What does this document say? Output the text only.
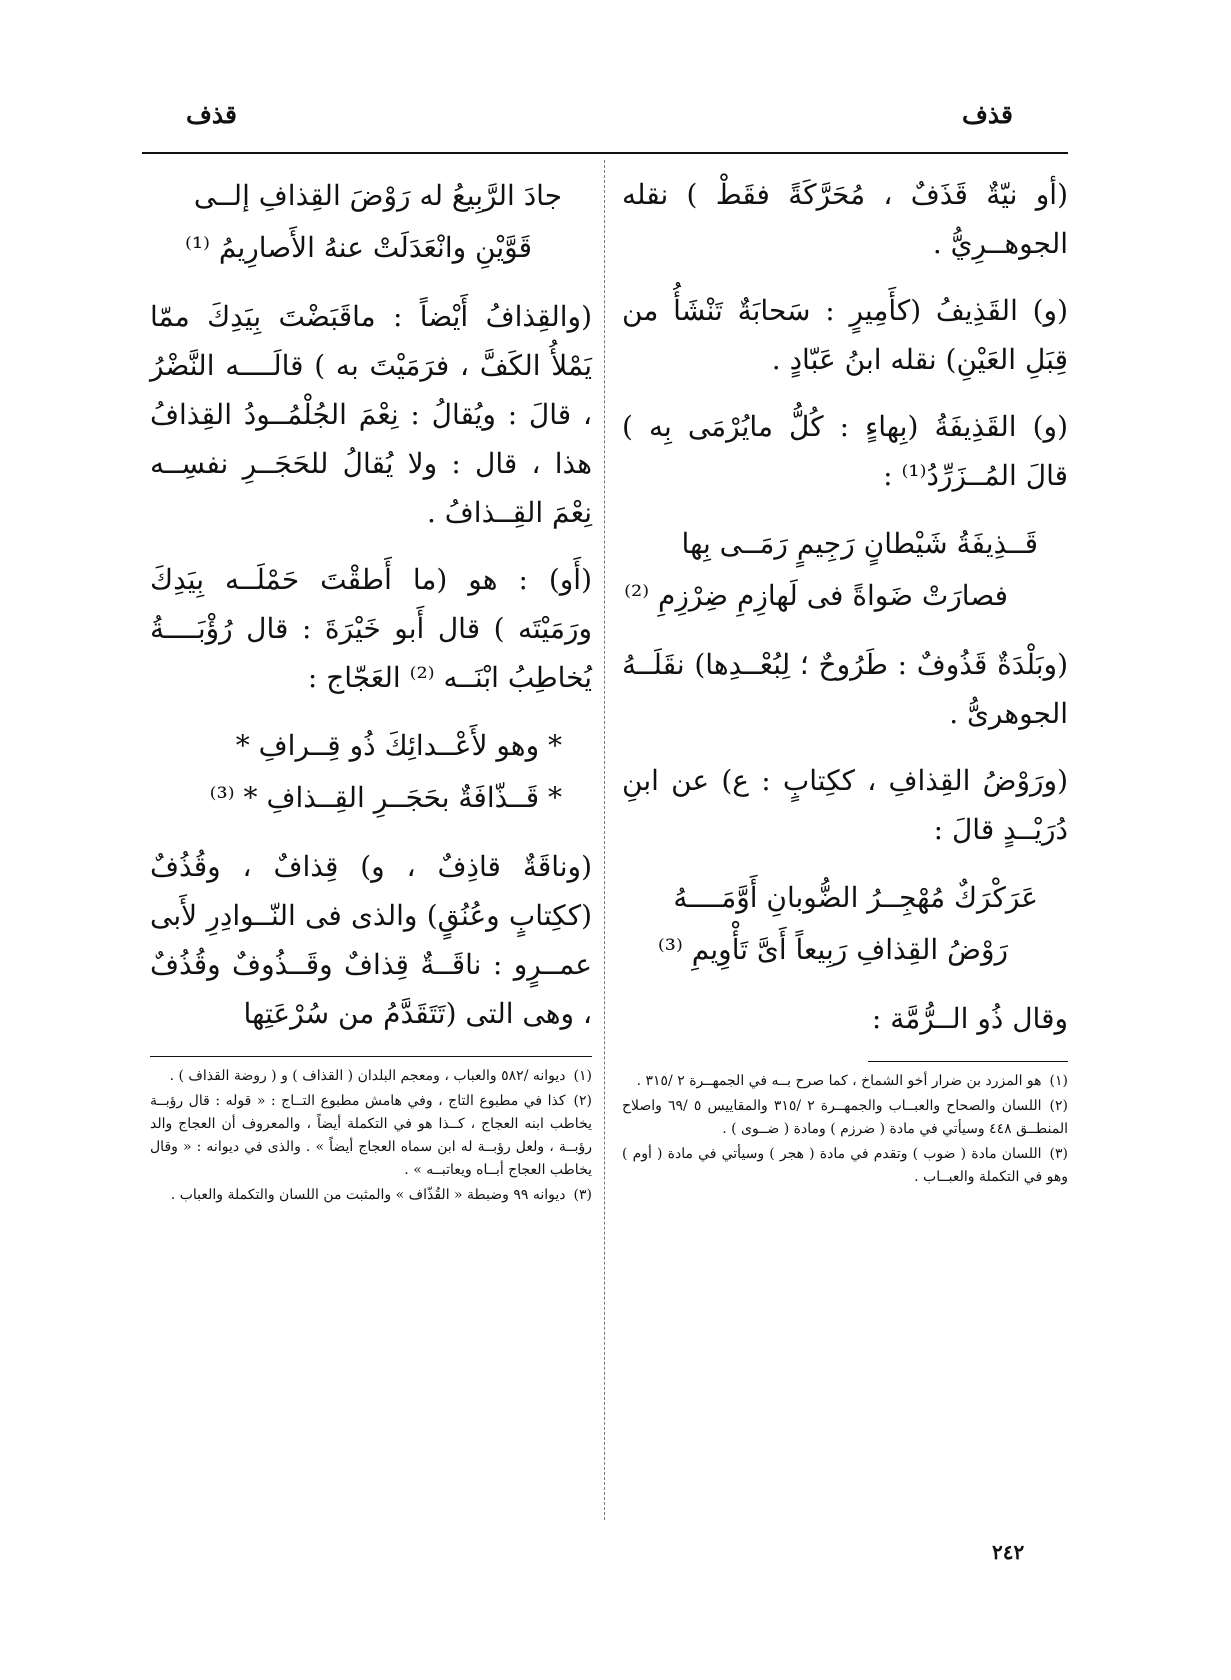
قذف
قذف

(أو نيّةٌ قَذَفٌ ، مُحَرَّكَةً فقَطْ ) نقله الجوهــرِيُّ .

(و) القَذِيفُ (كأَمِيرٍ : سَحابَةٌ تَنْشَأُ من قِبَلِ العَيْنِ) نقله ابنُ عَبّادٍ .

(و) القَذِيفَةُ (بِهاءٍ : كُلُّ مايُرْمَى بِه ) قالَ المُــزَرِّدُ⁽¹⁾ :

قَــذِيفَةُ شَيْطانٍ رَجِيمٍ رَمَــى بِها
فصارَتْ ضَواةً فى لَهازِمِ ضِرْزِمِ ⁽²⁾

(وبَلْدَةٌ قَذُوفٌ : طَرُوحٌ ؛ لِبُعْــدِها) نقَلَــهُ الجوهرىُّ .

(ورَوْضُ القِذافِ ، ككِتابٍ : ع) عن ابنِ دُرَيْــدٍ قالَ :

عَرَكْرَكٌ مُهْجِــرُ الضُّوبانِ أَوَّمَــــهُ
رَوْضُ القِذافِ رَبِيعاً أَىَّ تَأْوِيمِ ⁽³⁾

وقال ذُو الــرُّمَّة :

(١)هو المزرد بن ضرار أخو الشماخ ، كما صرح بــه في الجمهــرة ٢ /٣١٥ .

(٢)اللسان والصحاح والعبــاب والجمهــرة ٢ /٣١٥ والمقاييس ٥ /٦٩ واصلاح المنطــق ٤٤٨ وسيأتي في مادة ( ضرزم ) ومادة ( ضــوى ) .

(٣)اللسان مادة ( ضوب ) وتقدم في مادة ( هجر ) وسيأتي في مادة ( أوم ) وهو في التكملة والعبــاب .

جادَ الرَّبِيعُ له رَوْضَ القِذافِ إلــى
قَوَّيْنِ وانْعَدَلَتْ عنهُ الأَصارِيمُ ⁽¹⁾

(والقِذافُ أَيْضاً : ماقَبَضْتَ بِيَدِكَ ممّا يَمْلأُ الكَفَّ ، فرَمَيْتَ به ) قالَــــه النَّضْرُ ، قالَ : ويُقالُ : نِعْمَ الجُلْمُــودُ القِذافُ هذا ، قال : ولا يُقالُ للحَجَــرِ نفسِــه نِعْمَ القِــذافُ .

(أَو) : هو (ما أَطقْتَ حَمْلَــه بِيَدِكَ ورَمَيْتَه ) قال أَبو خَيْرَةَ : قال رُؤْبَــــةُ يُخاطِبُ ابْنَــه ⁽²⁾ العَجّاج :

* وهو لأَعْــدائِكَ ذُو قِــرافِ *
* قَــذّافَةٌ بحَجَــرِ القِــذافِ * ⁽³⁾

(وناقَةٌ قاذِفٌ ، و) قِذافٌ ، وقُذُفٌ (ككِتابٍ وعُنُقٍ) والذى فى النّــوادِرِ لأَبى عمــرٍو : ناقَــةٌ قِذافٌ وقَــذُوفٌ وقُذُفٌ ، وهى التى (تَتَقَدَّمُ من سُرْعَتِها

(١)ديوانه /٥٨٢ والعباب ، ومعجم البلدان ( القذاف ) و ( روضة القذاف ) .

(٢)كذا في مطبوع التاج ، وفي هامش مطبوع التــاج : « قوله : قال رؤبــة يخاطب ابنه العجاج ، كــذا هو في التكملة أيضاً ، والمعروف أن العجاج والد رؤبــة ، ولعل رؤبــة له ابن سماه العجاج أيضاً » . والذى في ديوانه : « وقال يخاطب العجاج أبــاه ويعاتبــه » .

(٣)ديوانه ٩٩ وضبطة « القُذّاف » والمثبت من اللسان والتكملة والعباب .

٢٤٢
